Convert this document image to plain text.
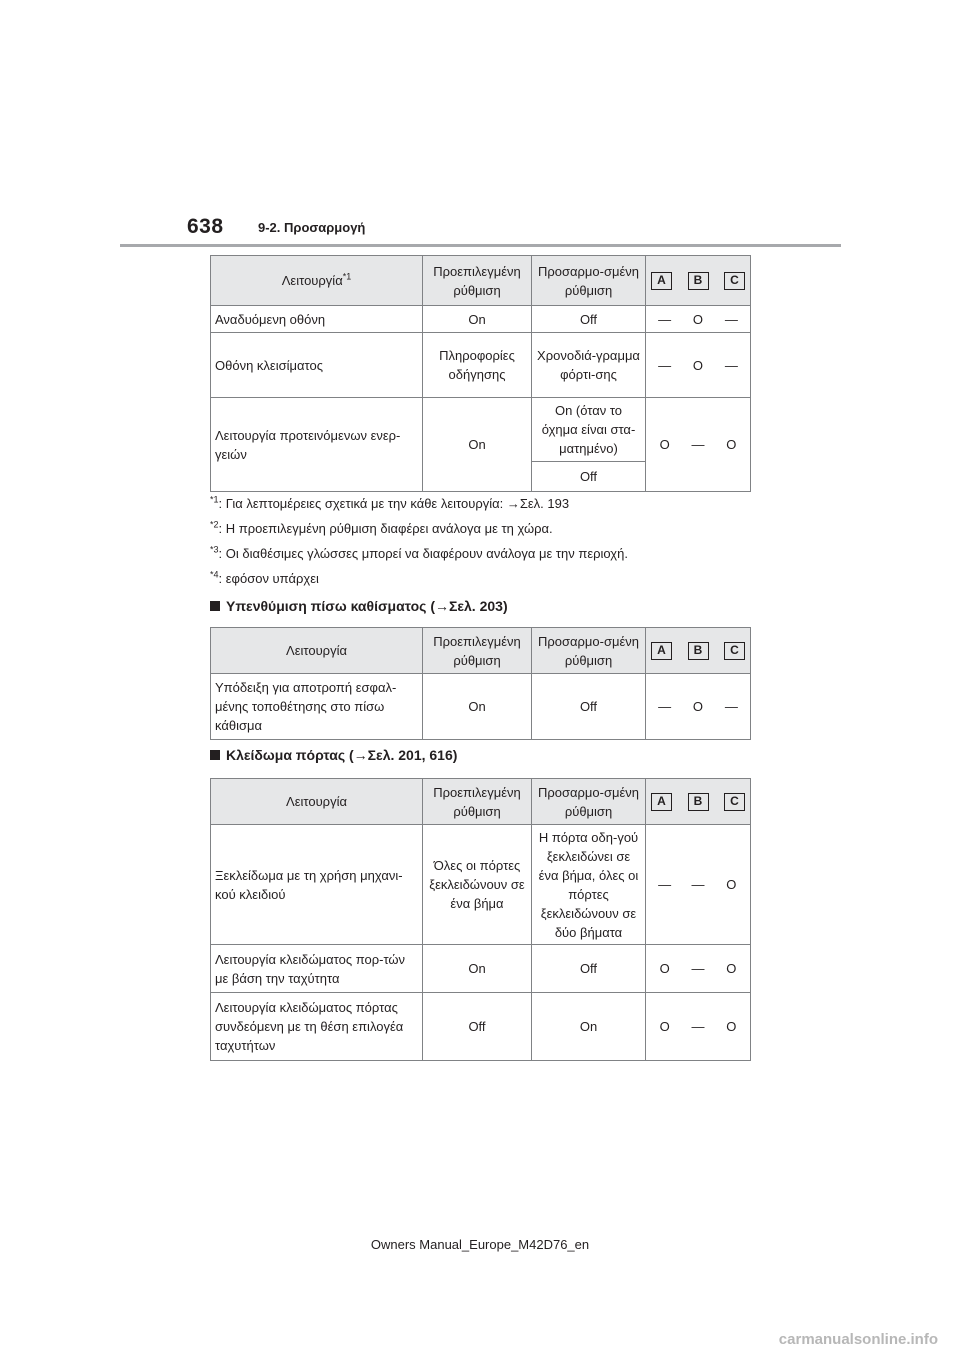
638	9-2. Προσαρμογή
Λειτουργία$^{*1}$	Προεπιλεγμένη ρύθμιση	Προσαρμο-σμένη ρύθμιση	A B C

Αναδυόμενη οθόνη	On	Off	— O —

Οθόνη κλεισίματος	Πληροφορίες οδήγησης	Χρονοδιά-γραμμα φόρτι-σης	— O —

Λειτουργία προτεινόμενων ενερ-γειών	On	On (όταν το όχημα είναι στα-ματημένο)	O — O

		Off	
$^{*1}$: Για λεπτομέρειες σχετικά με την κάθε λειτουργία: →Σελ. 193
$^{*2}$: Η προεπιλεγμένη ρύθμιση διαφέρει ανάλογα με τη χώρα.
$^{*3}$: Οι διαθέσιμες γλώσσες μπορεί να διαφέρουν ανάλογα με την περιοχή.
$^{*4}$: εφόσον υπάρχει
Υπενθύμιση πίσω καθίσματος (→Σελ. 203)
Λειτουργία	Προεπιλεγμένη ρύθμιση	Προσαρμο-σμένη ρύθμιση	A B C

Υπόδειξη για αποτροπή εσφαλ-μένης τοποθέτησης στο πίσω κάθισμα	On	Off	— O —
Κλείδωμα πόρτας (→Σελ. 201, 616)
Λειτουργία	Προεπιλεγμένη ρύθμιση	Προσαρμο-σμένη ρύθμιση	A B C

Ξεκλείδωμα με τη χρήση μηχανι-κού κλειδιού	Όλες οι πόρτες ξεκλειδώνουν σε ένα βήμα	Η πόρτα οδη-γού ξεκλειδώνει σε ένα βήμα, όλες οι πόρτες ξεκλειδώνουν σε δύο βήματα	— — O

Λειτουργία κλειδώματος πορ-τών με βάση την ταχύτητα	On	Off	O — O

Λειτουργία κλειδώματος πόρτας συνδεόμενη με τη θέση επιλογέα ταχυτήτων	Off	On	O — O
Owners Manual_Europe_M42D76_en
carmanualsonline.info
